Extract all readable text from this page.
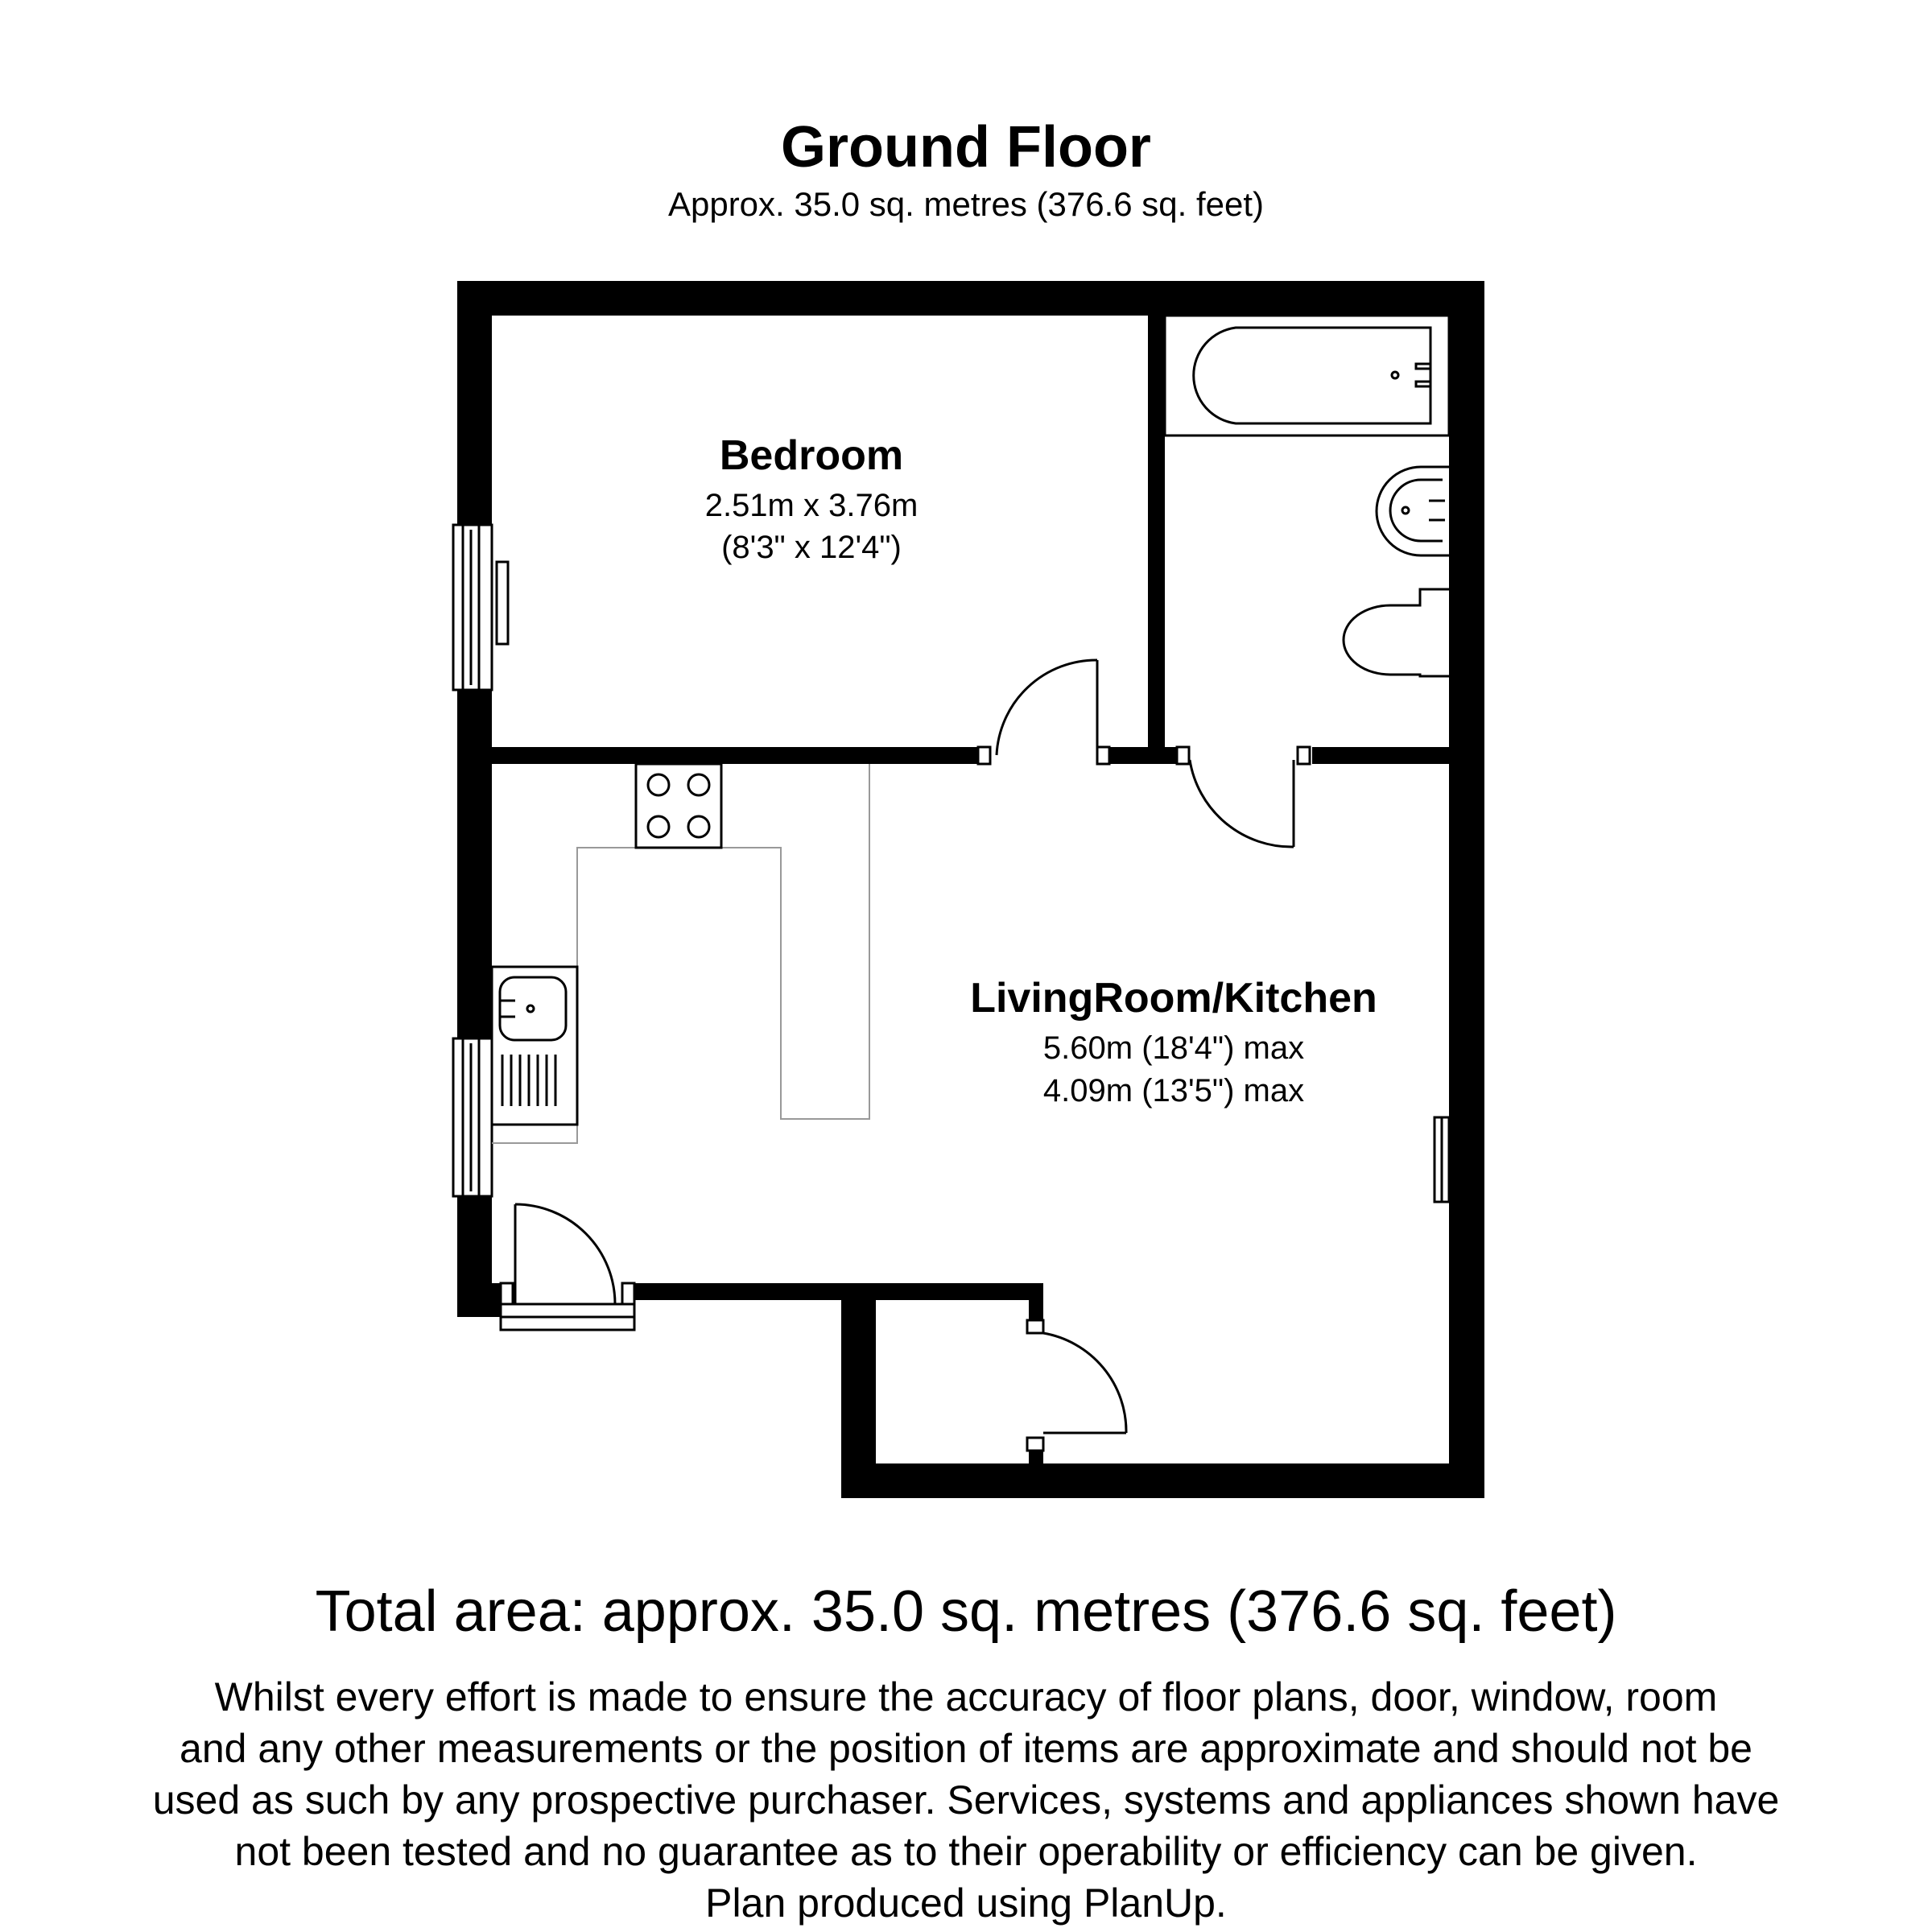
Ground Floor
Approx. 35.0 sq. metres (376.6 sq. feet)
Bedroom
2.51m x 3.76m
(8'3" x 12'4")
LivingRoom/Kitchen
5.60m (18'4") max
4.09m (13'5") max
Total area: approx. 35.0 sq. metres (376.6 sq. feet)
Whilst every effort is made to ensure the accuracy of floor plans, door, window, room
and any other measurements or the position of items are approximate and should not be
used as such by any prospective purchaser. Services, systems and appliances shown have
not been tested and no guarantee as to their operability or efficiency can be given.
Plan produced using PlanUp.
